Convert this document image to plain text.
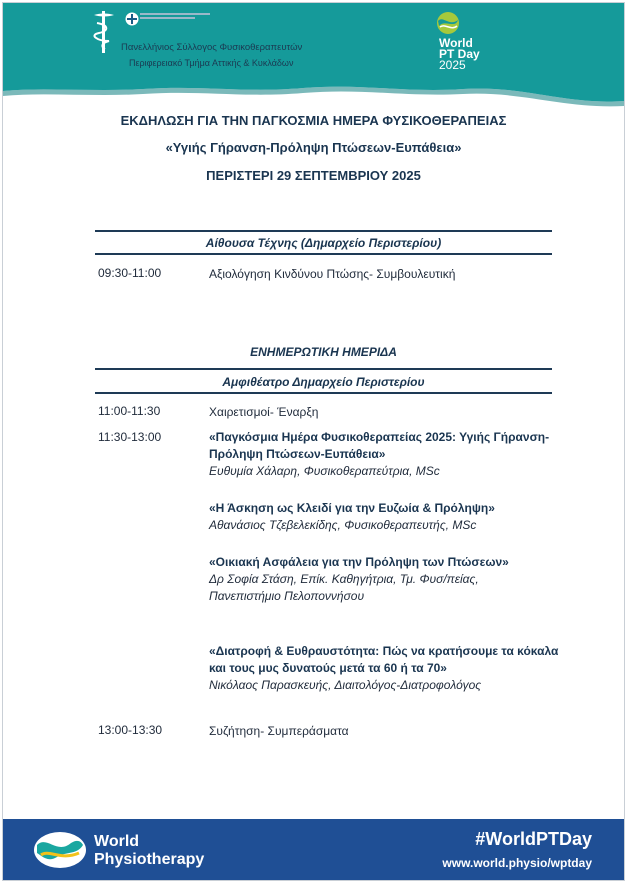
Πανελλήνιος Σύλλογος Φυσικοθεραπευτών
Περιφερειακό Τμήμα Αττικής & Κυκλάδων
World
PT Day
2025
ΕΚΔΗΛΩΣΗ ΓΙΑ ΤΗΝ ΠΑΓΚΟΣΜΙΑ ΗΜΕΡΑ ΦΥΣΙΚΟΘΕΡΑΠΕΙΑΣ
«Υγιής Γήρανση-Πρόληψη Πτώσεων-Ευπάθεια»
ΠΕΡΙΣΤΕΡΙ 29 ΣΕΠΤΕΜΒΡΙΟΥ 2025
Αίθουσα Τέχνης (Δημαρχείο Περιστερίου)
09:30-11:00	Αξιολόγηση Κινδύνου Πτώσης- Συμβουλευτική
ΕΝΗΜΕΡΩΤΙΚΗ ΗΜΕΡΙΔΑ
Αμφιθέατρο Δημαρχείο Περιστερίου
11:00-11:30	Χαιρετισμοί- Έναρξη
11:30-13:00	«Παγκόσμια Ημέρα Φυσικοθεραπείας 2025: Υγιής Γήρανση-Πρόληψη Πτώσεων-Ευπάθεια»
Ευθυμία Χάλαρη, Φυσικοθεραπεύτρια, MSc
«Η Άσκηση ως Κλειδί για την Ευζωία & Πρόληψη»
Αθανάσιος Τζεβελεκίδης, Φυσικοθεραπευτής, MSc
«Οικιακή Ασφάλεια για την Πρόληψη των Πτώσεων»
Δρ Σοφία Στάση, Επίκ. Καθηγήτρια, Τμ. Φυσ/πείας, Πανεπιστήμιο Πελοποννήσου
«Διατροφή & Ευθραυστότητα: Πώς να κρατήσουμε τα κόκαλα και τους μυς δυνατούς μετά τα 60 ή τα 70»
Νικόλαος Παρασκευής, Διαιτολόγος-Διατροφολόγος
13:00-13:30	Συζήτηση- Συμπεράσματα
World
Physiotherapy
#WorldPTDay
www.world.physio/wptday
